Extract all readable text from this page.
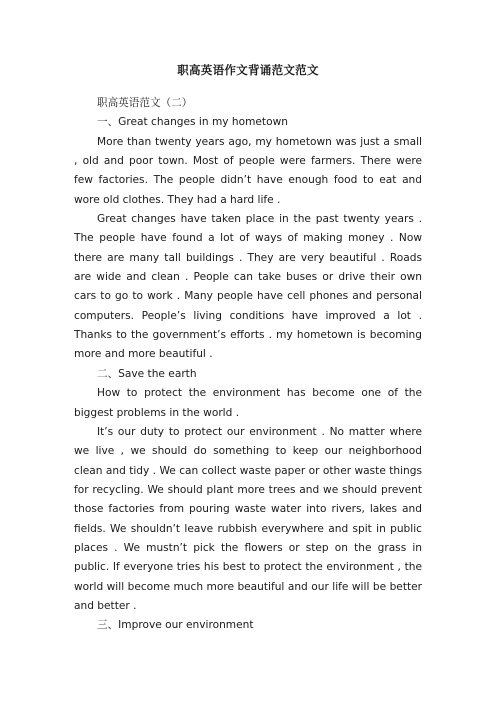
职高英语作文背诵范文范文

职高英语范文（二）

一、Great changes in my hometown

More than twenty years ago, my hometown was just a small , old and poor town. Most of people were farmers. There were few factories. The people didn’t have enough food to eat and wore old clothes. They had a hard life .

Great changes have taken place in the past twenty years . The people have found a lot of ways of making money . Now there are many tall buildings . They are very beautiful . Roads are wide and clean . People can take buses or drive their own cars to go to work . Many people have cell phones and personal computers. People’s living conditions have improved a lot . Thanks to the government’s efforts . my hometown is becoming more and more beautiful .

二、Save the earth

How to protect the environment has become one of the biggest problems in the world .

It’s our duty to protect our environment . No matter where we live , we should do something to keep our neighborhood clean and tidy . We can collect waste paper or other waste things for recycling. We should plant more trees and we should prevent those factories from pouring waste water into rivers, lakes and fields. We shouldn’t leave rubbish everywhere and spit in public places . We mustn’t pick the flowers or step on the grass in public. If everyone tries his best to protect the environment , the world will become much more beautiful and our life will be better and better .

三、Improve our environment
